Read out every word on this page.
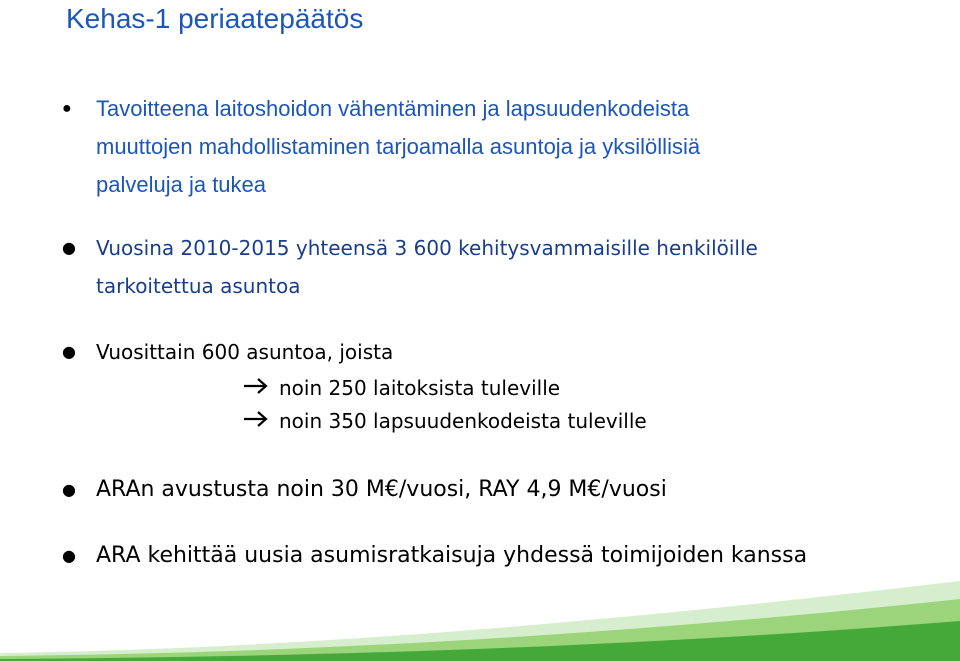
Kehas-1 periaatepäätös
● Tavoitteena laitoshoidon vähentäminen ja lapsuudenkodeista
muuttojen mahdollistaminen tarjoamalla asuntoja ja yksilöllisiä
palveluja ja tukea
● Vuosina 2010-2015 yhteensä 3 600 kehitysvammaisille henkilöille
tarkoitettua asuntoa
● Vuosittain 600 asuntoa, joista
noin 250 laitoksista tuleville
noin 350 lapsuudenkodeista tuleville
● ARAn avustusta noin 30 M€/vuosi, RAY 4,9 M€/vuosi
● ARA kehittää uusia asumisratkaisuja yhdessä toimijoiden kanssa
